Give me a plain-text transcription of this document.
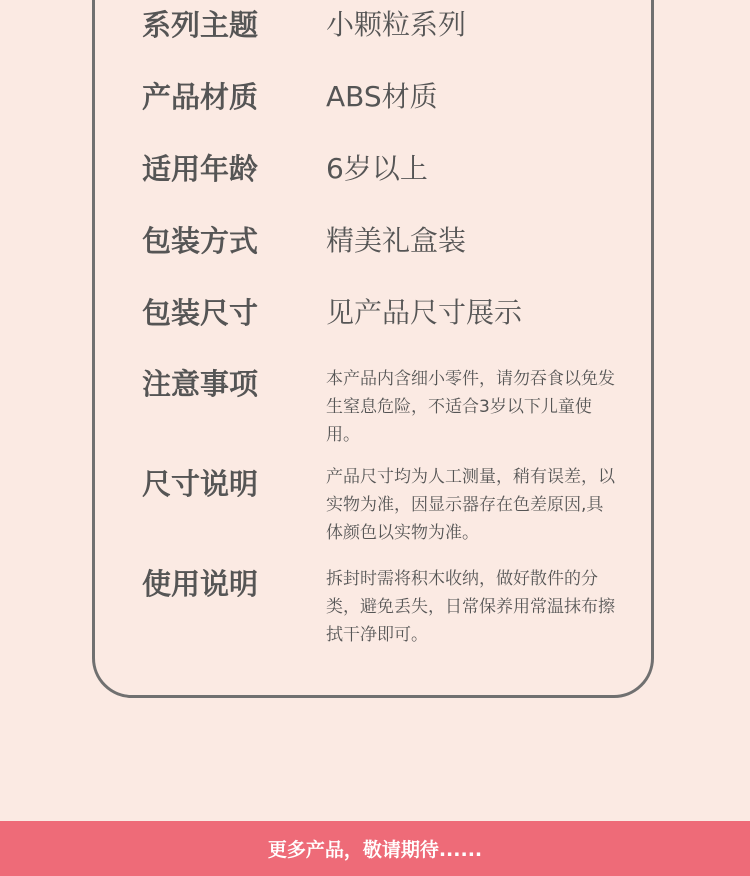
系列主题 小颗粒系列
产品材质 ABS材质
适用年龄 6岁以上
包装方式 精美礼盒装
包装尺寸 见产品尺寸展示
注意事项	本产品内含细小零件，请勿吞食以免发生窒息危险，不适合3岁以下儿童使用。
尺寸说明	产品尺寸均为人工测量，稍有误差，以实物为准，因显示器存在色差原因,具体颜色以实物为准。
使用说明	拆封时需将积木收纳，做好散件的分类，避免丢失，日常保养用常温抹布擦拭干净即可。
更多产品，敬请期待......
